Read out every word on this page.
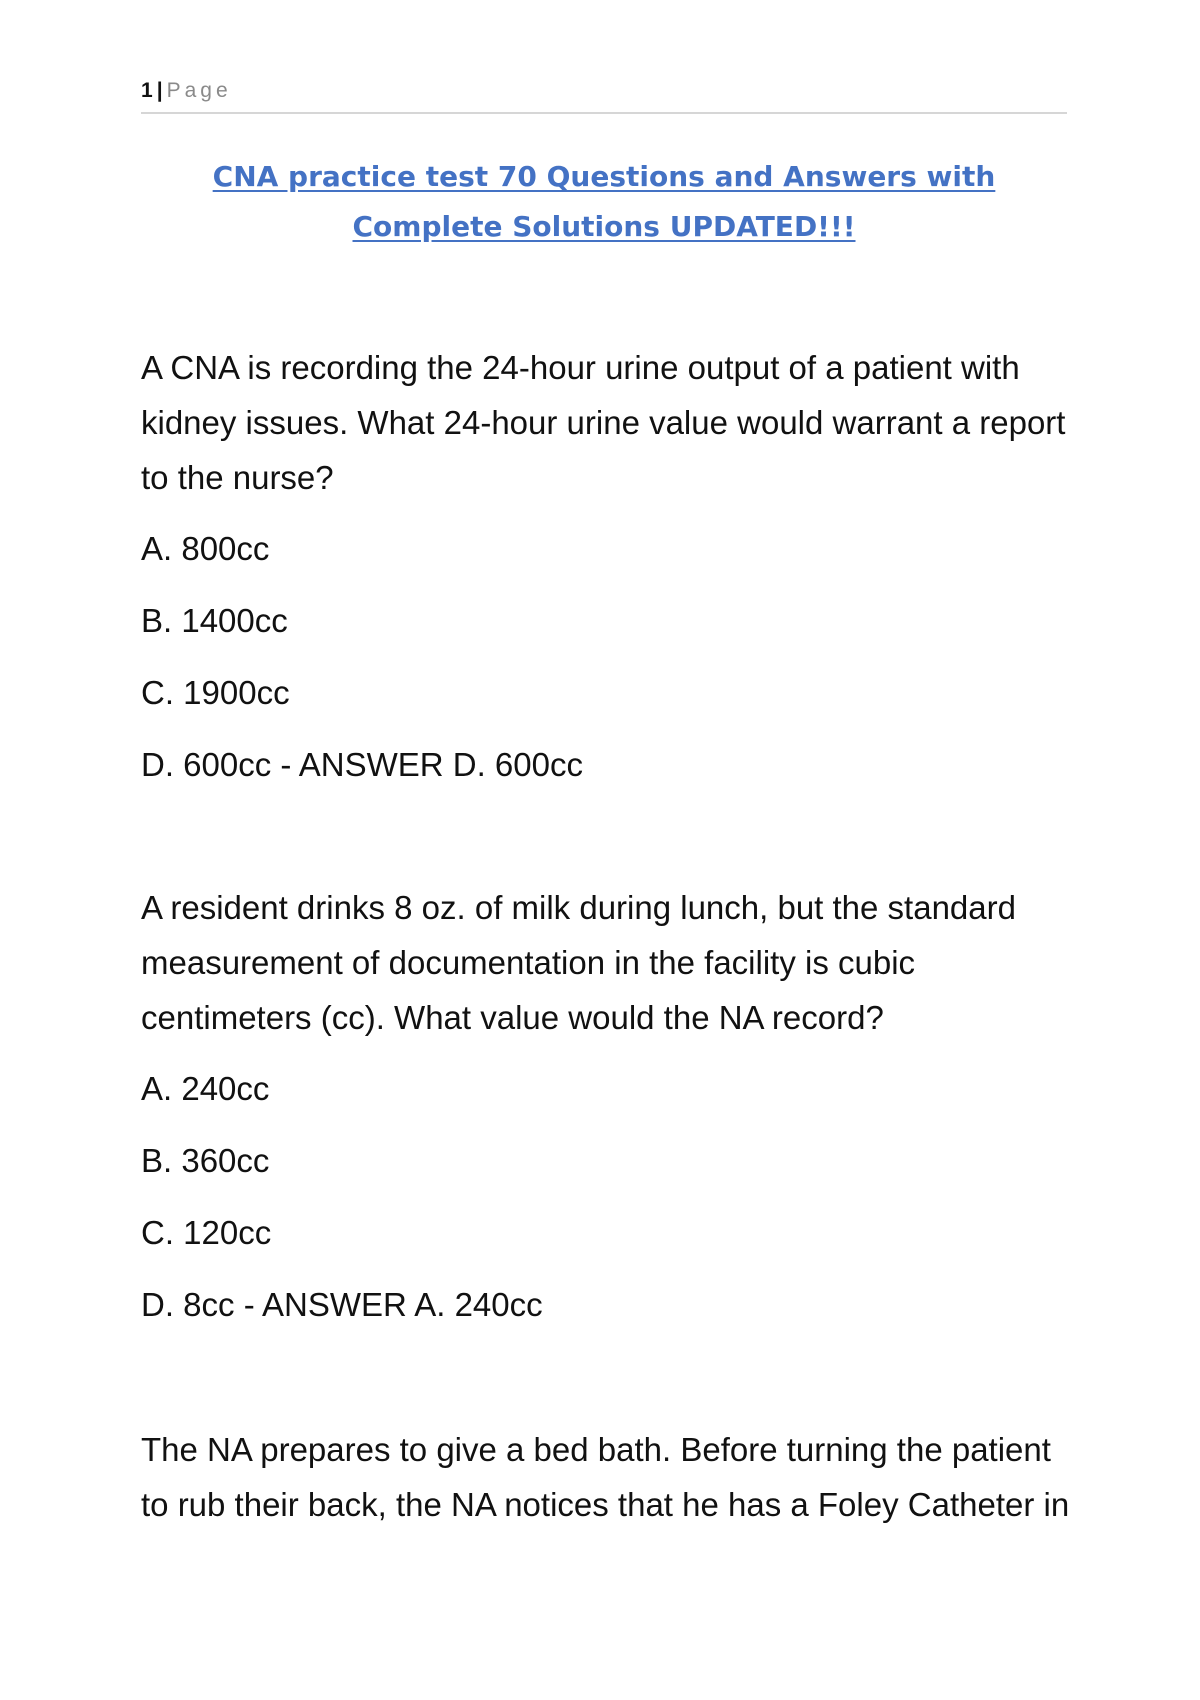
1 | Page
CNA practice test 70 Questions and Answers with Complete Solutions UPDATED!!!

A CNA is recording the 24-hour urine output of a patient with kidney issues. What 24-hour urine value would warrant a report to the nurse?

A. 800cc

B. 1400cc

C. 1900cc

D. 600cc - ANSWER D. 600cc

A resident drinks 8 oz. of milk during lunch, but the standard measurement of documentation in the facility is cubic centimeters (cc). What value would the NA record?

A. 240cc

B. 360cc

C. 120cc

D. 8cc - ANSWER A. 240cc

The NA prepares to give a bed bath. Before turning the patient to rub their back, the NA notices that he has a Foley Catheter in
